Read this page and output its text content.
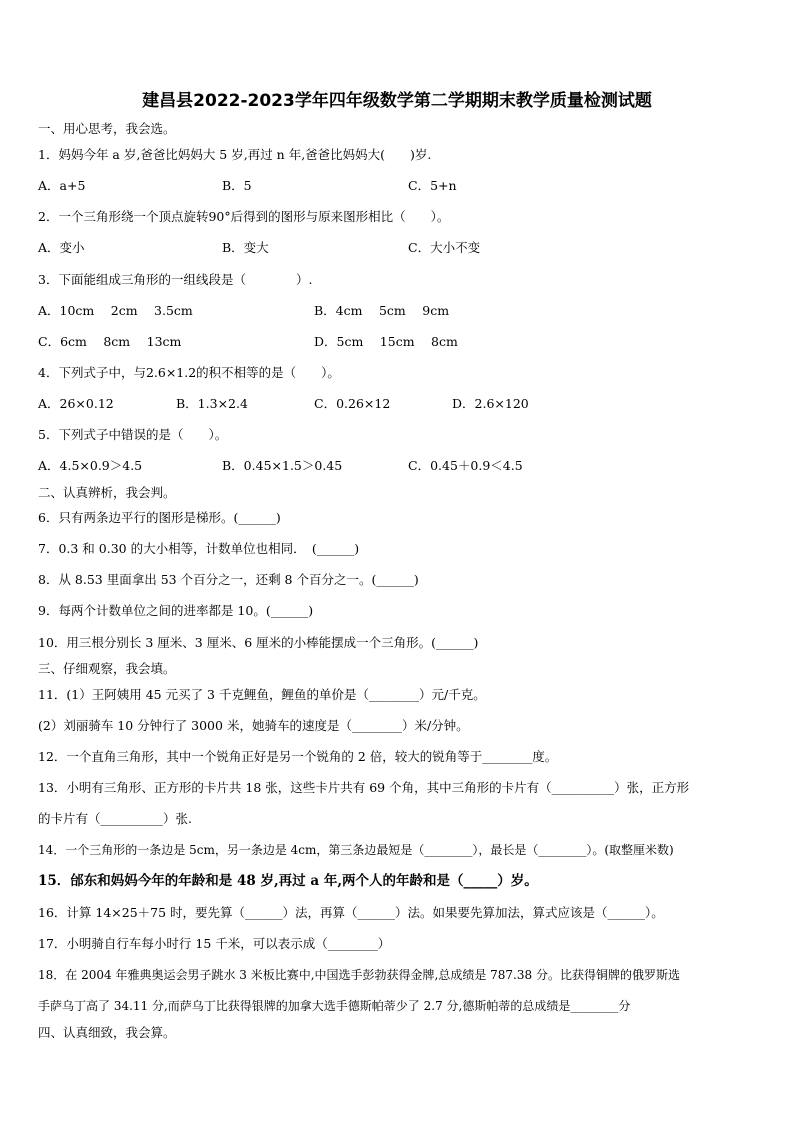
建昌县2022-2023学年四年级数学第二学期期末教学质量检测试题
一、用心思考，我会选。
1．妈妈今年 a 岁,爸爸比妈妈大 5 岁,再过 n 年,爸爸比妈妈大(　　)岁.
A．a+5	B．5	C．5+n
2．一个三角形绕一个顶点旋转90°后得到的图形与原来图形相比（　　）。
A．变小	B．变大	C．大小不变
3．下面能组成三角形的一组线段是（　　　　）.
A．10cm　 2cm　 3.5cm	B．4cm　 5cm　 9cm
C．6cm　 8cm　 13cm	D．5cm　 15cm　 8cm
4．下列式子中，与2.6×1.2的积不相等的是（　　）。
A．26×0.12	B．1.3×2.4	C．0.26×12	D．2.6×120
5．下列式子中错误的是（　　）。
A．4.5×0.9＞4.5	B．0.45×1.5＞0.45	C．0.45＋0.9＜4.5
二、认真辨析，我会判。
6．只有两条边平行的图形是梯形。(______)
7．0.3 和 0.30 的大小相等，计数单位也相同．　(______)
8．从 8.53 里面拿出 53 个百分之一，还剩 8 个百分之一。(______)
9．每两个计数单位之间的进率都是 10。(______)
10．用三根分别长 3 厘米、3 厘米、6 厘米的小棒能摆成一个三角形。(______)
三、仔细观察，我会填。
11．(1）王阿姨用 45 元买了 3 千克鲤鱼，鲤鱼的单价是（________）元/千克。
(2）刘丽骑车 10 分钟行了 3000 米，她骑车的速度是（________）米/分钟。
12．一个直角三角形，其中一个锐角正好是另一个锐角的 2 倍，较大的锐角等于________度。
13．小明有三角形、正方形的卡片共 18 张，这些卡片共有 69 个角，其中三角形的卡片有（__________）张，正方形
的卡片有（__________）张.
14．一个三角形的一条边是 5cm，另一条边是 4cm，第三条边最短是（________），最长是（________）。(取整厘米数)
15．邰东和妈妈今年的年龄和是 48 岁,再过 a 年,两个人的年龄和是（_____）岁。
16．计算 14×25＋75 时，要先算（______）法，再算（______）法。如果要先算加法，算式应该是（______）。
17．小明骑自行车每小时行 15 千米，可以表示成（________）
18．在 2004 年雅典奥运会男子跳水 3 米板比赛中,中国选手彭勃获得金牌,总成绩是 787.38 分。比获得铜牌的俄罗斯选
手萨乌丁高了 34.11 分,而萨乌丁比获得银牌的加拿大选手德斯帕蒂少了 2.7 分,德斯帕蒂的总成绩是________分
四、认真细致，我会算。
